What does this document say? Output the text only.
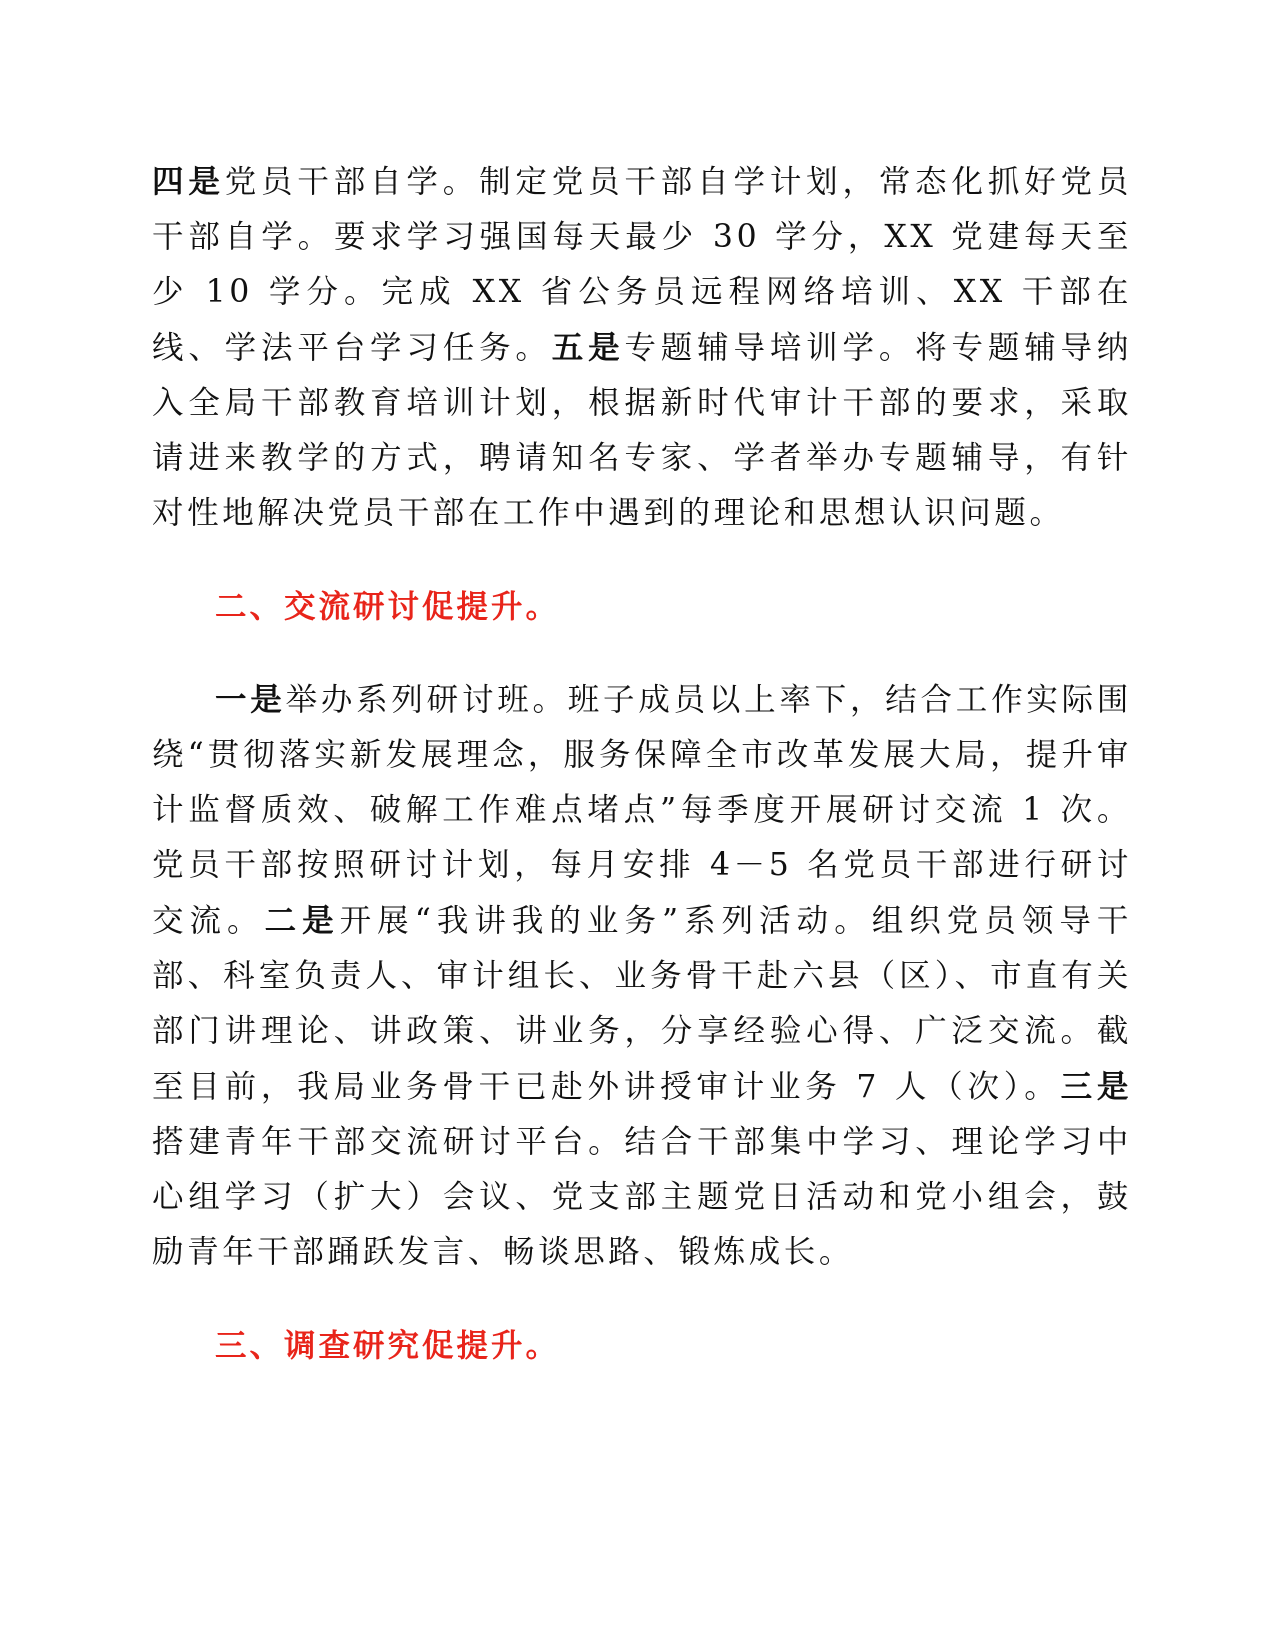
四是党员干部自学。制定党员干部自学计划，常态化抓好党员干部自学。要求学习强国每天最少 30 学分，XX 党建每天至少 10 学分。完成 XX 省公务员远程网络培训、XX 干部在线、学法平台学习任务。五是专题辅导培训学。将专题辅导纳入全局干部教育培训计划，根据新时代审计干部的要求，采取请进来教学的方式，聘请知名专家、学者举办专题辅导，有针对性地解决党员干部在工作中遇到的理论和思想认识问题。

二、交流研讨促提升。

一是举办系列研讨班。班子成员以上率下，结合工作实际围绕“贯彻落实新发展理念，服务保障全市改革发展大局，提升审计监督质效、破解工作难点堵点”每季度开展研讨交流 1 次。党员干部按照研讨计划，每月安排 4－5 名党员干部进行研讨交流。二是开展“我讲我的业务”系列活动。组织党员领导干部、科室负责人、审计组长、业务骨干赴六县（区）、市直有关部门讲理论、讲政策、讲业务，分享经验心得、广泛交流。截至目前，我局业务骨干已赴外讲授审计业务 7 人（次）。三是搭建青年干部交流研讨平台。结合干部集中学习、理论学习中心组学习（扩大）会议、党支部主题党日活动和党小组会，鼓励青年干部踊跃发言、畅谈思路、锻炼成长。

三、调查研究促提升。
